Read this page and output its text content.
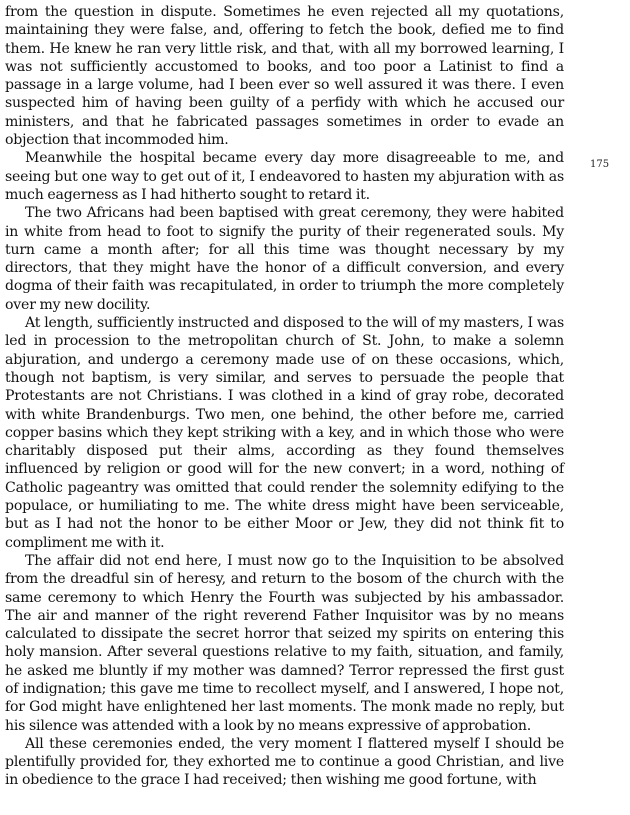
from the question in dispute. Sometimes he even rejected all my quotations, maintaining they were false, and, offering to fetch the book, defied me to find them. He knew he ran very little risk, and that, with all my borrowed learning, I was not sufficiently accustomed to books, and too poor a Latinist to find a passage in a large volume, had I been ever so well assured it was there. I even suspected him of having been guilty of a perfidy with which he accused our ministers, and that he fabricated passages sometimes in order to evade an objection that incommoded him.

Meanwhile the hospital became every day more disagreeable to me, and seeing but one way to get out of it, I endeavored to hasten my abjuration with as much eagerness as I had hitherto sought to retard it.

The two Africans had been baptised with great ceremony, they were habited in white from head to foot to signify the purity of their regenerated souls. My turn came a month after; for all this time was thought necessary by my directors, that they might have the honor of a difficult conversion, and every dogma of their faith was recapitulated, in order to triumph the more completely over my new docility.

At length, sufficiently instructed and disposed to the will of my masters, I was led in procession to the metropolitan church of St. John, to make a solemn abjuration, and undergo a ceremony made use of on these occasions, which, though not baptism, is very similar, and serves to persuade the people that Protestants are not Christians. I was clothed in a kind of gray robe, decorated with white Brandenburgs. Two men, one behind, the other before me, carried copper basins which they kept striking with a key, and in which those who were charitably disposed put their alms, according as they found themselves influenced by religion or good will for the new convert; in a word, nothing of Catholic pageantry was omitted that could render the solemnity edifying to the populace, or humiliating to me. The white dress might have been serviceable, but as I had not the honor to be either Moor or Jew, they did not think fit to compliment me with it.

The affair did not end here, I must now go to the Inquisition to be absolved from the dreadful sin of heresy, and return to the bosom of the church with the same ceremony to which Henry the Fourth was subjected by his ambassador. The air and manner of the right reverend Father Inquisitor was by no means calculated to dissipate the secret horror that seized my spirits on entering this holy mansion. After several questions relative to my faith, situation, and family, he asked me bluntly if my mother was damned? Terror repressed the first gust of indignation; this gave me time to recollect myself, and I answered, I hope not, for God might have enlightened her last moments. The monk made no reply, but his silence was attended with a look by no means expressive of approbation.

All these ceremonies ended, the very moment I flattered myself I should be plentifully provided for, they exhorted me to continue a good Christian, and live in obedience to the grace I had received; then wishing me good fortune, with

175
